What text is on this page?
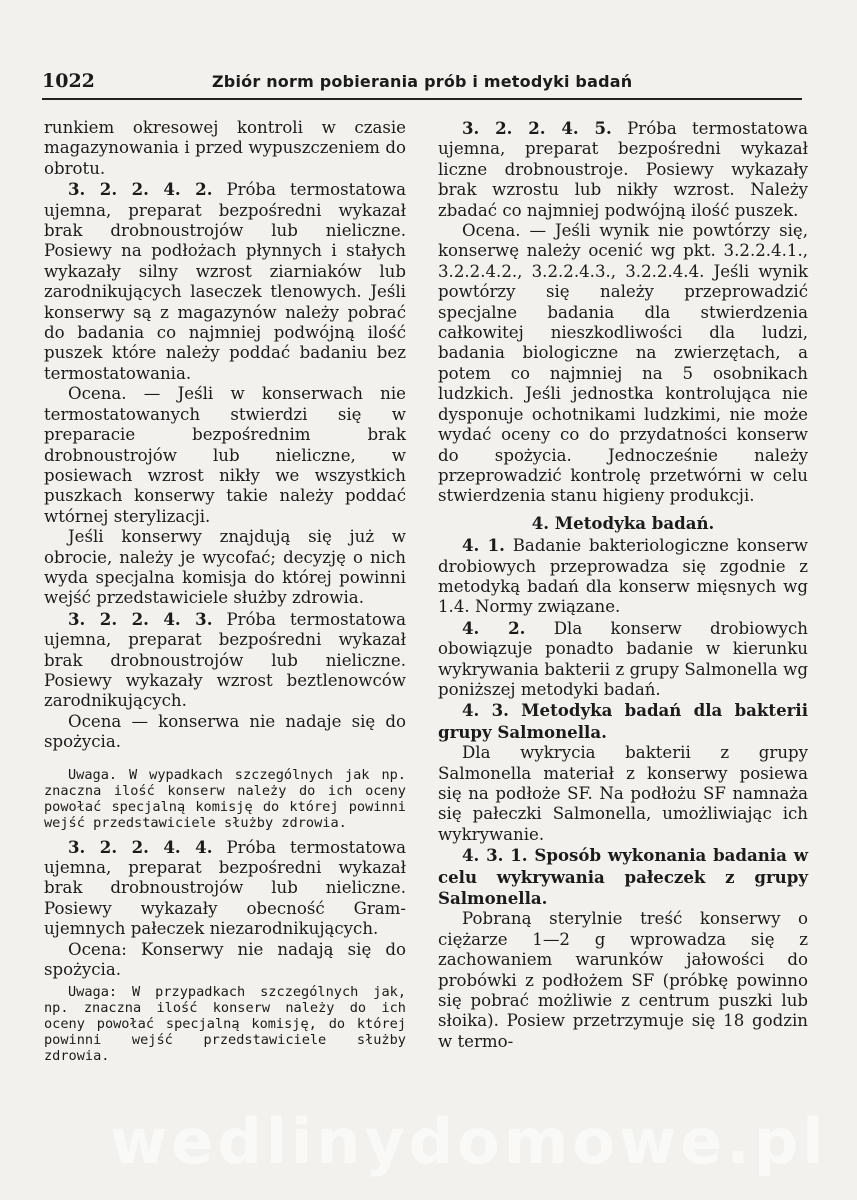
1022	Zbiór norm pobierania prób i metodyki badań

runkiem okresowej kontroli w czasie magazynowania i przed wypuszczeniem do obrotu.

3. 2. 2. 4. 2. Próba termostatowa ujemna, preparat bezpośredni wykazał brak drobnoustrojów lub nieliczne. Posiewy na podłożach płynnych i stałych wykazały silny wzrost ziarniaków lub zarodnikujących laseczek tlenowych. Jeśli konserwy są z magazynów należy pobrać do badania co najmniej podwójną ilość puszek które należy poddać badaniu bez termostatowania.

Ocena. — Jeśli w konserwach nie termostatowanych stwierdzi się w preparacie bezpośrednim brak drobnoustrojów lub nieliczne, w posiewach wzrost nikły we wszystkich puszkach konserwy takie należy poddać wtórnej sterylizacji.

Jeśli konserwy znajdują się już w obrocie, należy je wycofać; decyzję o nich wyda specjalna komisja do której powinni wejść przedstawiciele służby zdrowia.

3. 2. 2. 4. 3. Próba termostatowa ujemna, preparat bezpośredni wykazał brak drobnoustrojów lub nieliczne. Posiewy wykazały wzrost beztlenowców zarodnikujących.

Ocena — konserwa nie nadaje się do spożycia.

Uwaga. W wypadkach szczególnych jak np. znaczna ilość konserw należy do ich oceny powołać specjalną komisję do której powinni wejść przedstawiciele służby zdrowia.

3. 2. 2. 4. 4. Próba termostatowa ujemna, preparat bezpośredni wykazał brak drobnoustrojów lub nieliczne. Posiewy wykazały obecność Gram-ujemnych pałeczek niezarodnikujących.

Ocena: Konserwy nie nadają się do spożycia.

Uwaga: W przypadkach szczególnych jak, np. znaczna ilość konserw należy do ich oceny powołać specjalną komisję, do której powinni wejść przedstawiciele służby zdrowia.

3. 2. 2. 4. 5. Próba termostatowa ujemna, preparat bezpośredni wykazał liczne drobnoustroje. Posiewy wykazały brak wzrostu lub nikły wzrost. Należy zbadać co najmniej podwójną ilość puszek.

Ocena. — Jeśli wynik nie powtórzy się, konserwę należy ocenić wg pkt. 3.2.2.4.1., 3.2.2.4.2., 3.2.2.4.3., 3.2.2.4.4. Jeśli wynik powtórzy się należy przeprowadzić specjalne badania dla stwierdzenia całkowitej nieszkodliwości dla ludzi, badania biologiczne na zwierzętach, a potem co najmniej na 5 osobnikach ludzkich. Jeśli jednostka kontrolująca nie dysponuje ochotnikami ludzkimi, nie może wydać oceny co do przydatności konserw do spożycia. Jednocześnie należy przeprowadzić kontrolę przetwórni w celu stwierdzenia stanu higieny produkcji.

4. Metodyka badań.

4. 1. Badanie bakteriologiczne konserw drobiowych przeprowadza się zgodnie z metodyką badań dla konserw mięsnych wg 1.4. Normy związane.

4. 2. Dla konserw drobiowych obowiązuje ponadto badanie w kierunku wykrywania bakterii z grupy Salmonella wg poniższej metodyki badań.

4. 3. Metodyka badań dla bakterii grupy Salmonella.

Dla wykrycia bakterii z grupy Salmonella materiał z konserwy posiewa się na podłoże SF. Na podłożu SF namnaża się pałeczki Salmonella, umożliwiając ich wykrywanie.

4. 3. 1. Sposób wykonania badania w celu wykrywania pałeczek z grupy Salmonella.

Pobraną sterylnie treść konserwy o ciężarze 1—2 g wprowadza się z zachowaniem warunków jałowości do probówki z podłożem SF (próbkę powinno się pobrać możliwie z centrum puszki lub słoika). Posiew przetrzymuje się 18 godzin w termo-

wedlinydomowe.pl
